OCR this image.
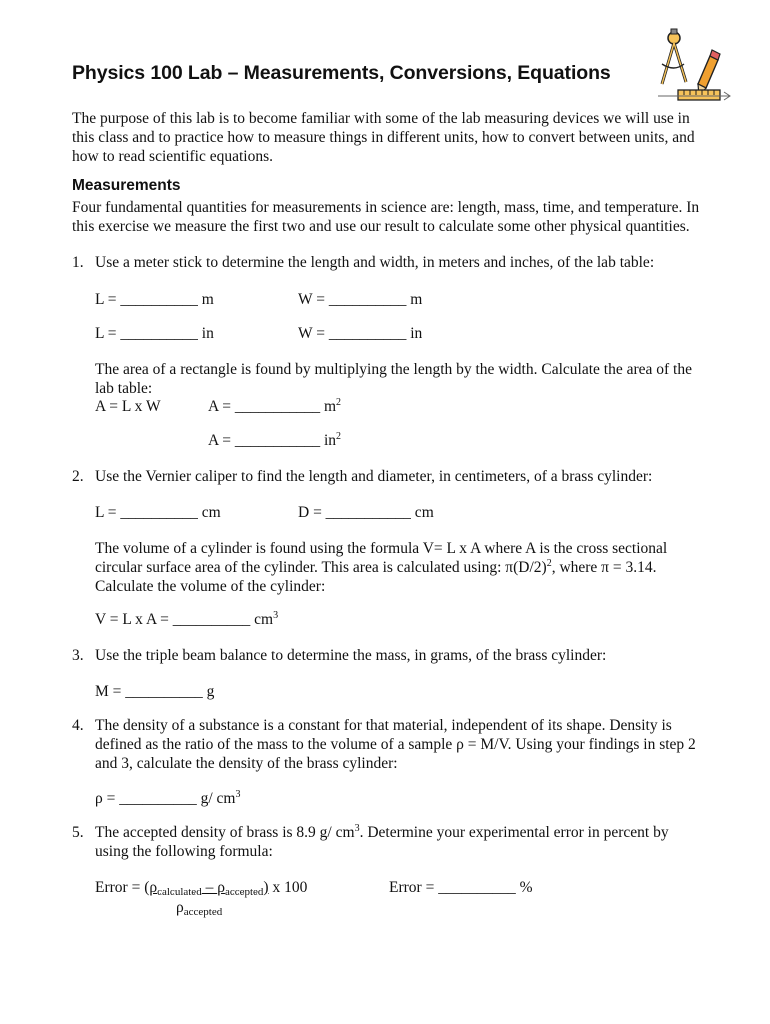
Physics 100 Lab – Measurements, Conversions, Equations
The purpose of this lab is to become familiar with some of the lab measuring devices we will use in this class and to practice how to measure things in different units, how to convert between units, and how to read scientific equations.
Measurements
Four fundamental quantities for measurements in science are: length, mass, time, and temperature. In this exercise we measure the first two and use our result to calculate some other physical quantities.
1. Use a meter stick to determine the length and width, in meters and inches, of the lab table:
L = __________ m	W = __________ m
L = __________ in	W = __________ in
The area of a rectangle is found by multiplying the length by the width. Calculate the area of the lab table:
A = L x W	A = ___________ $m^2$
A = ___________ $in^2$
2. Use the Vernier caliper to find the length and diameter, in centimeters, of a brass cylinder:
L = __________ cm	D = ___________ cm
The volume of a cylinder is found using the formula V= L x A where A is the cross sectional circular surface area of the cylinder. This area is calculated using: $\pi(D/2)^2$, where π = 3.14.
Calculate the volume of the cylinder:
V = L x A = __________ $cm^3$
3. Use the triple beam balance to determine the mass, in grams, of the brass cylinder:
M = __________ g
4. The density of a substance is a constant for that material, independent of its shape. Density is defined as the ratio of the mass to the volume of a sample ρ = M/V. Using your findings in step 2 and 3, calculate the density of the brass cylinder:
ρ = __________ g/ $cm^3$
5. The accepted density of brass is 8.9 g/ $cm^3$. Determine your experimental error in percent by using the following formula:
Error = (ρcalculated – ρaccepted) x 100
ρaccepted
Error = __________ %
